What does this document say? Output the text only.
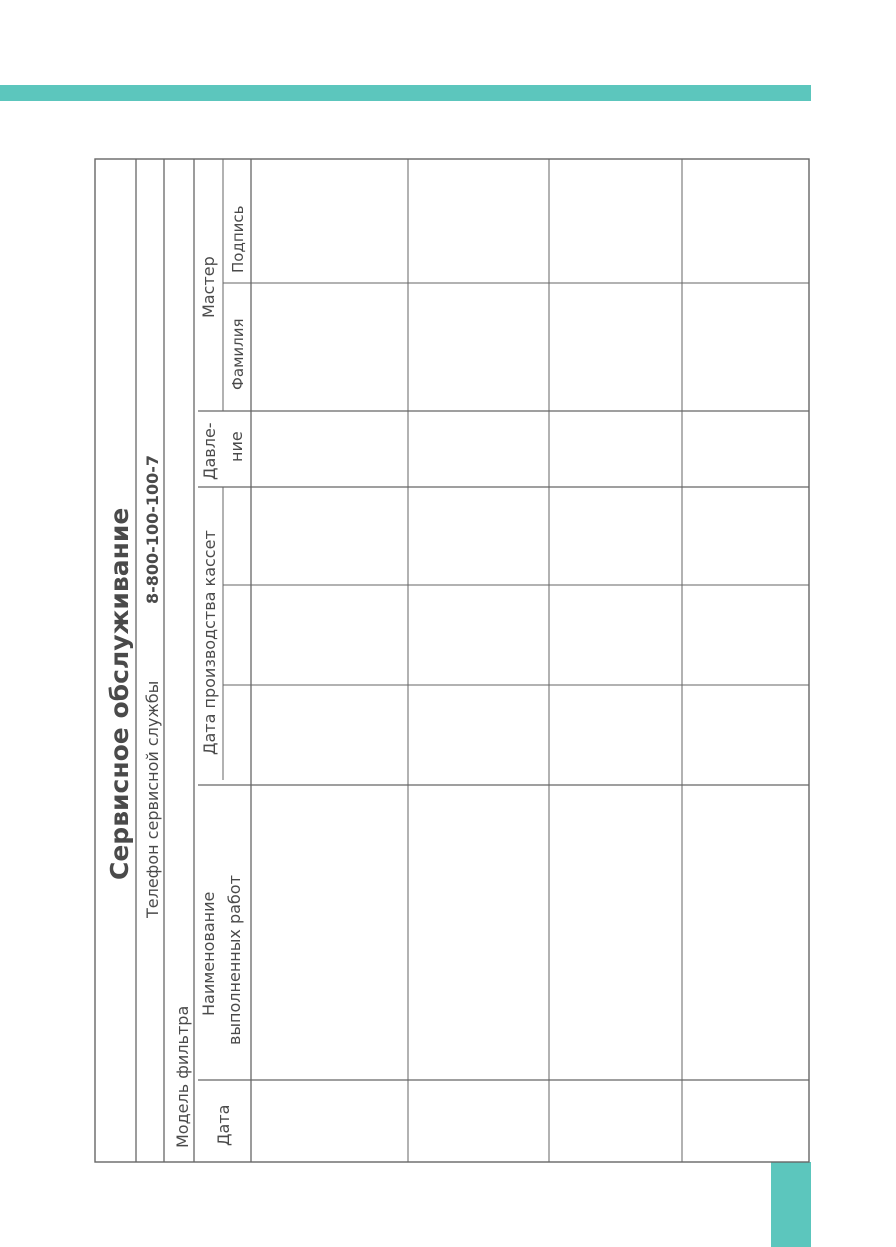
Сервисное обслуживание Телефон сервисной службы
8-800-100-100-7
Модель фильтра Дата
Наименование выполненных работ
Дата производства кассет
Давле- ние
Мастер
Фамилия
Подпись
